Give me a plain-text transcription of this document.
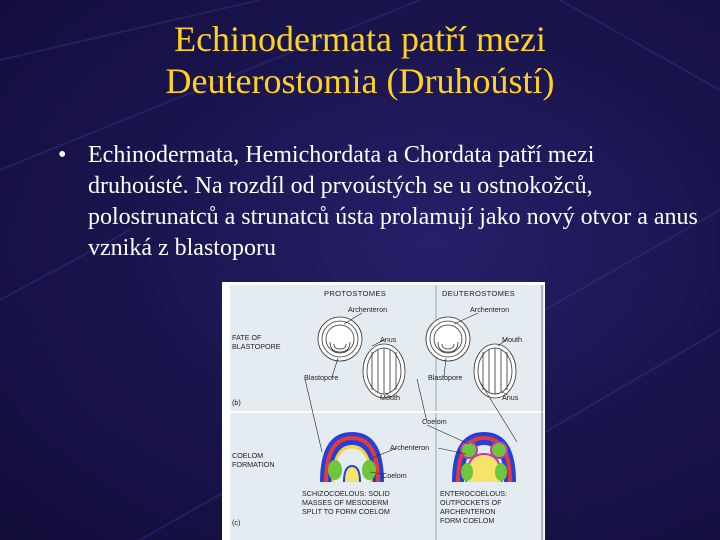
Echinodermata patří mezi
Deuterostomia (Druhoústí)
• Echinodermata, Hemichordata a Chordata patří mezi druhoústé. Na rozdíl od prvoústých se u ostnokožců, polostrunatců a strunatců ústa prolamují jako nový otvor a anus vzniká z blastoporu
PROTOSTOMES	DEUTEROSTOMES
Archenteron	Archenteron
Anus	Mouth
FATE OF
BLASTOPORE
Blastopore	Blastopore
Mouth	Anus
(b)
Coelom
Archenteron
Coelom
COELOM
FORMATION
SCHIZOCOELOUS: SOLID
MASSES OF MESODERM
SPLIT TO FORM COELOM
ENTEROCOELOUS:
OUTPOCKETS OF
ARCHENTERON
FORM COELOM
(c)
